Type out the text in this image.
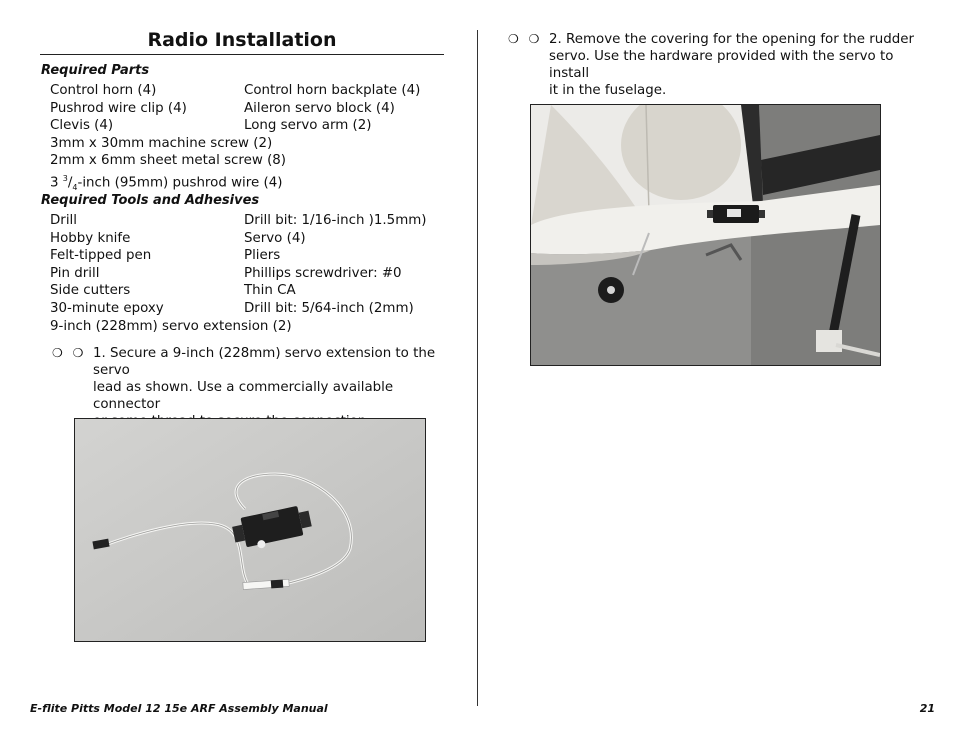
Radio Installation
Required Parts
Control horn (4)	Control horn backplate (4)
Pushrod wire clip (4)	Aileron servo block (4)
Clevis (4)	Long servo arm (2)
3mm x 30mm machine screw (2)
2mm x 6mm sheet metal screw (8)
3 $^3/_4$-inch (95mm) pushrod wire (4)
Required Tools and Adhesives
Drill	Drill bit: 1/16-inch )1.5mm)
Hobby knife	Servo (4)
Felt-tipped pen	Pliers
Pin drill	Phillips screwdriver: #0
Side cutters	Thin CA
30-minute epoxy	Drill bit: 5/64-inch (2mm)
9-inch (228mm) servo extension (2)
❍ ❍ 1. Secure a 9-inch (228mm) servo extension to the servo
lead as shown. Use a commercially available connector
❍ ❍ 2. Remove the covering for the opening for the rudder
servo. Use the hardware provided with the servo to install
it in the fuselage.
E-flite Pitts Model 12 15e ARF Assembly Manual	21
